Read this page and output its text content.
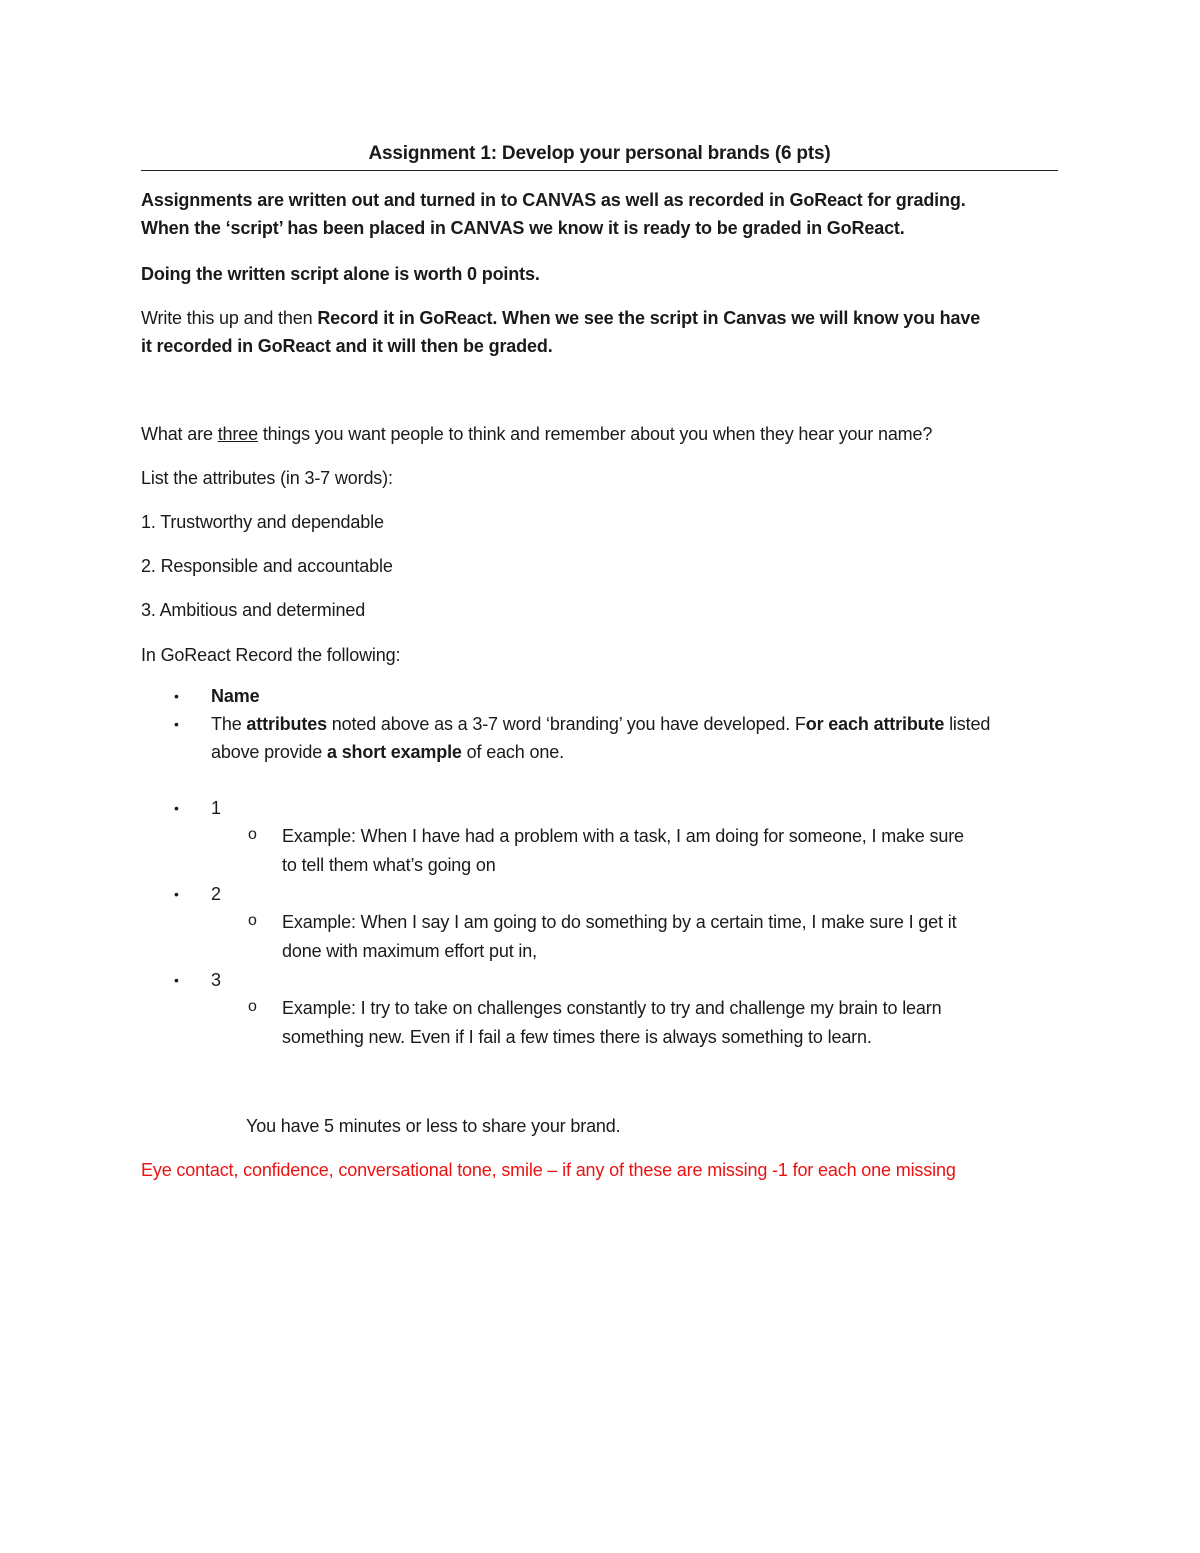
Assignment 1: Develop your personal brands (6 pts)
Assignments are written out and turned in to CANVAS as well as recorded in GoReact for grading.
When the ‘script’ has been placed in CANVAS we know it is ready to be graded in GoReact.
Doing the written script alone is worth 0 points.
Write this up and then Record it in GoReact. When we see the script in Canvas we will know you have
it recorded in GoReact and it will then be graded.
What are three things you want people to think and remember about you when they hear your name?
List the attributes (in 3-7 words):
1. Trustworthy and dependable
2. Responsible and accountable
3. Ambitious and determined
In GoReact Record the following:
• Name
• The attributes noted above as a 3-7 word ‘branding’ you have developed. For each attribute listed
above provide a short example of each one.
• 1
o Example: When I have had a problem with a task, I am doing for someone, I make sure
to tell them what’s going on
• 2
o Example: When I say I am going to do something by a certain time, I make sure I get it
done with maximum effort put in,
• 3
o Example: I try to take on challenges constantly to try and challenge my brain to learn
something new. Even if I fail a few times there is always something to learn.
You have 5 minutes or less to share your brand.
Eye contact, confidence, conversational tone, smile – if any of these are missing -1 for each one missing
